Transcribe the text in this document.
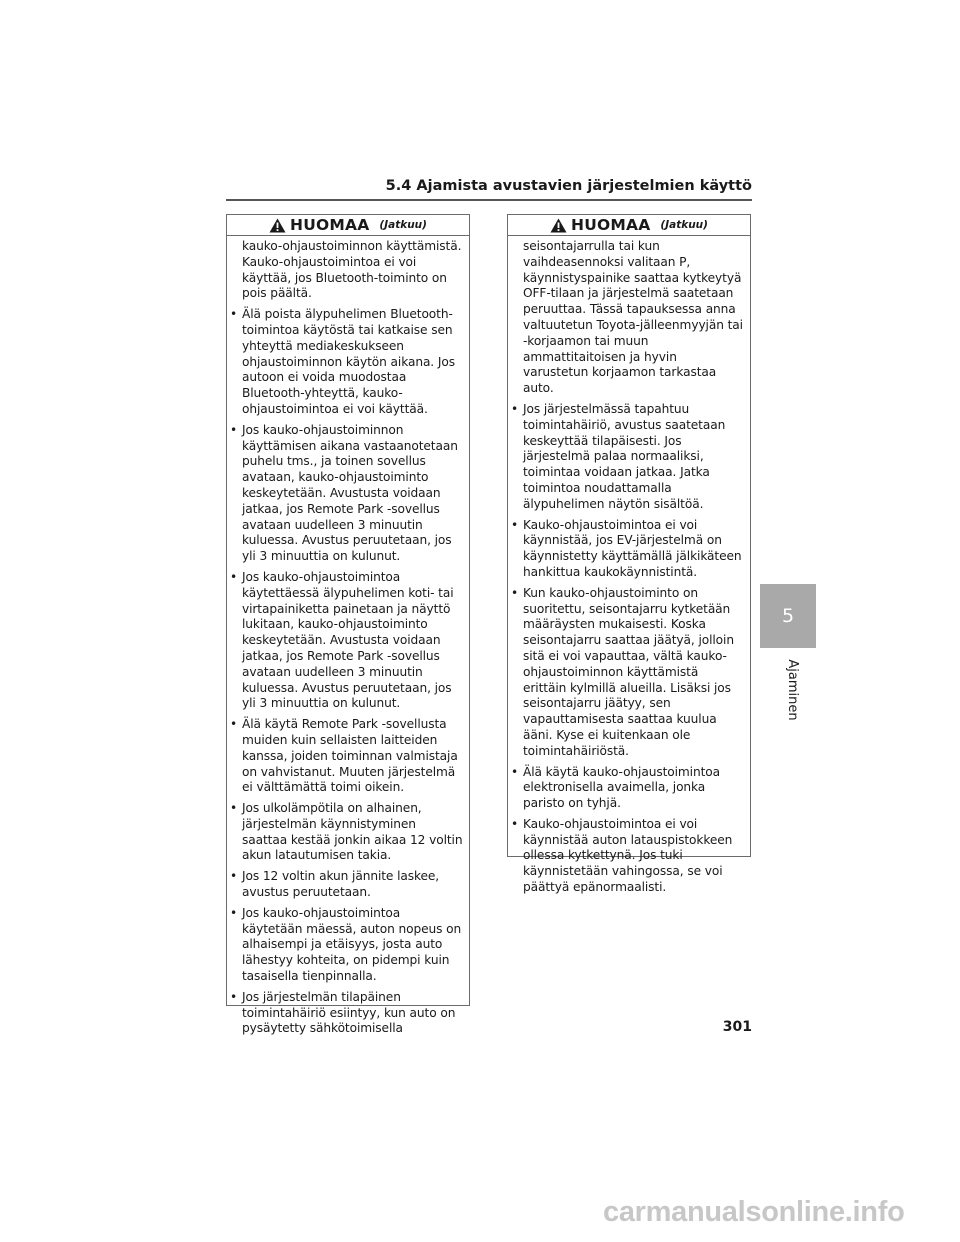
5.4 Ajamista avustavien järjestelmien käyttö
HUOMAA (Jatkuu)
kauko-ohjaustoiminnon käyttämistä. Kauko-ohjaustoimintoa ei voi käyttää, jos Bluetooth-toiminto on pois päältä.
• Älä poista älypuhelimen Bluetooth-toimintoa käytöstä tai katkaise sen yhteyttä mediakeskukseen ohjaustoiminnon käytön aikana. Jos autoon ei voida muodostaa Bluetooth-yhteyttä, kauko-ohjaustoimintoa ei voi käyttää.
• Jos kauko-ohjaustoiminnon käyttämisen aikana vastaanotetaan puhelu tms., ja toinen sovellus avataan, kauko-ohjaustoiminto keskeytetään. Avustusta voidaan jatkaa, jos Remote Park -sovellus avataan uudelleen 3 minuutin kuluessa. Avustus peruutetaan, jos yli 3 minuuttia on kulunut.
• Jos kauko-ohjaustoimintoa käytettäessä älypuhelimen koti- tai virtapainiketta painetaan ja näyttö lukitaan, kauko-ohjaustoiminto keskeytetään. Avustusta voidaan jatkaa, jos Remote Park -sovellus avataan uudelleen 3 minuutin kuluessa. Avustus peruutetaan, jos yli 3 minuuttia on kulunut.
• Älä käytä Remote Park -sovellusta muiden kuin sellaisten laitteiden kanssa, joiden toiminnan valmistaja on vahvistanut. Muuten järjestelmä ei välttämättä toimi oikein.
• Jos ulkolämpötila on alhainen, järjestelmän käynnistyminen saattaa kestää jonkin aikaa 12 voltin akun latautumisen takia.
• Jos 12 voltin akun jännite laskee, avustus peruutetaan.
• Jos kauko-ohjaustoimintoa käytetään mäessä, auton nopeus on alhaisempi ja etäisyys, josta auto lähestyy kohteita, on pidempi kuin tasaisella tienpinnalla.
• Jos järjestelmän tilapäinen toimintahäiriö esiintyy, kun auto on pysäytetty sähkötoimisella
HUOMAA (Jatkuu)
seisontajarrulla tai kun vaihdeasennoksi valitaan P, käynnistyspainike saattaa kytkeytyä OFF-tilaan ja järjestelmä saatetaan peruuttaa. Tässä tapauksessa anna valtuutetun Toyota-jälleenmyyjän tai -korjaamon tai muun ammattitaitoisen ja hyvin varustetun korjaamon tarkastaa auto.
• Jos järjestelmässä tapahtuu toimintahäiriö, avustus saatetaan keskeyttää tilapäisesti. Jos järjestelmä palaa normaaliksi, toimintaa voidaan jatkaa. Jatka toimintoa noudattamalla älypuhelimen näytön sisältöä.
• Kauko-ohjaustoimintoa ei voi käynnistää, jos EV-järjestelmä on käynnistetty käyttämällä jälkikäteen hankittua kaukokäynnistintä.
• Kun kauko-ohjaustoiminto on suoritettu, seisontajarru kytketään määräysten mukaisesti. Koska seisontajarru saattaa jäätyä, jolloin sitä ei voi vapauttaa, vältä kauko-ohjaustoiminnon käyttämistä erittäin kylmillä alueilla. Lisäksi jos seisontajarru jäätyy, sen vapauttamisesta saattaa kuulua ääni. Kyse ei kuitenkaan ole toimintahäiriöstä.
• Älä käytä kauko-ohjaustoimintoa elektronisella avaimella, jonka paristo on tyhjä.
• Kauko-ohjaustoimintoa ei voi käynnistää auton latauspistokkeen ollessa kytkettynä. Jos tuki käynnistetään vahingossa, se voi päättyä epänormaalisti.
5
Ajaminen
301
carmanualsonline.info
